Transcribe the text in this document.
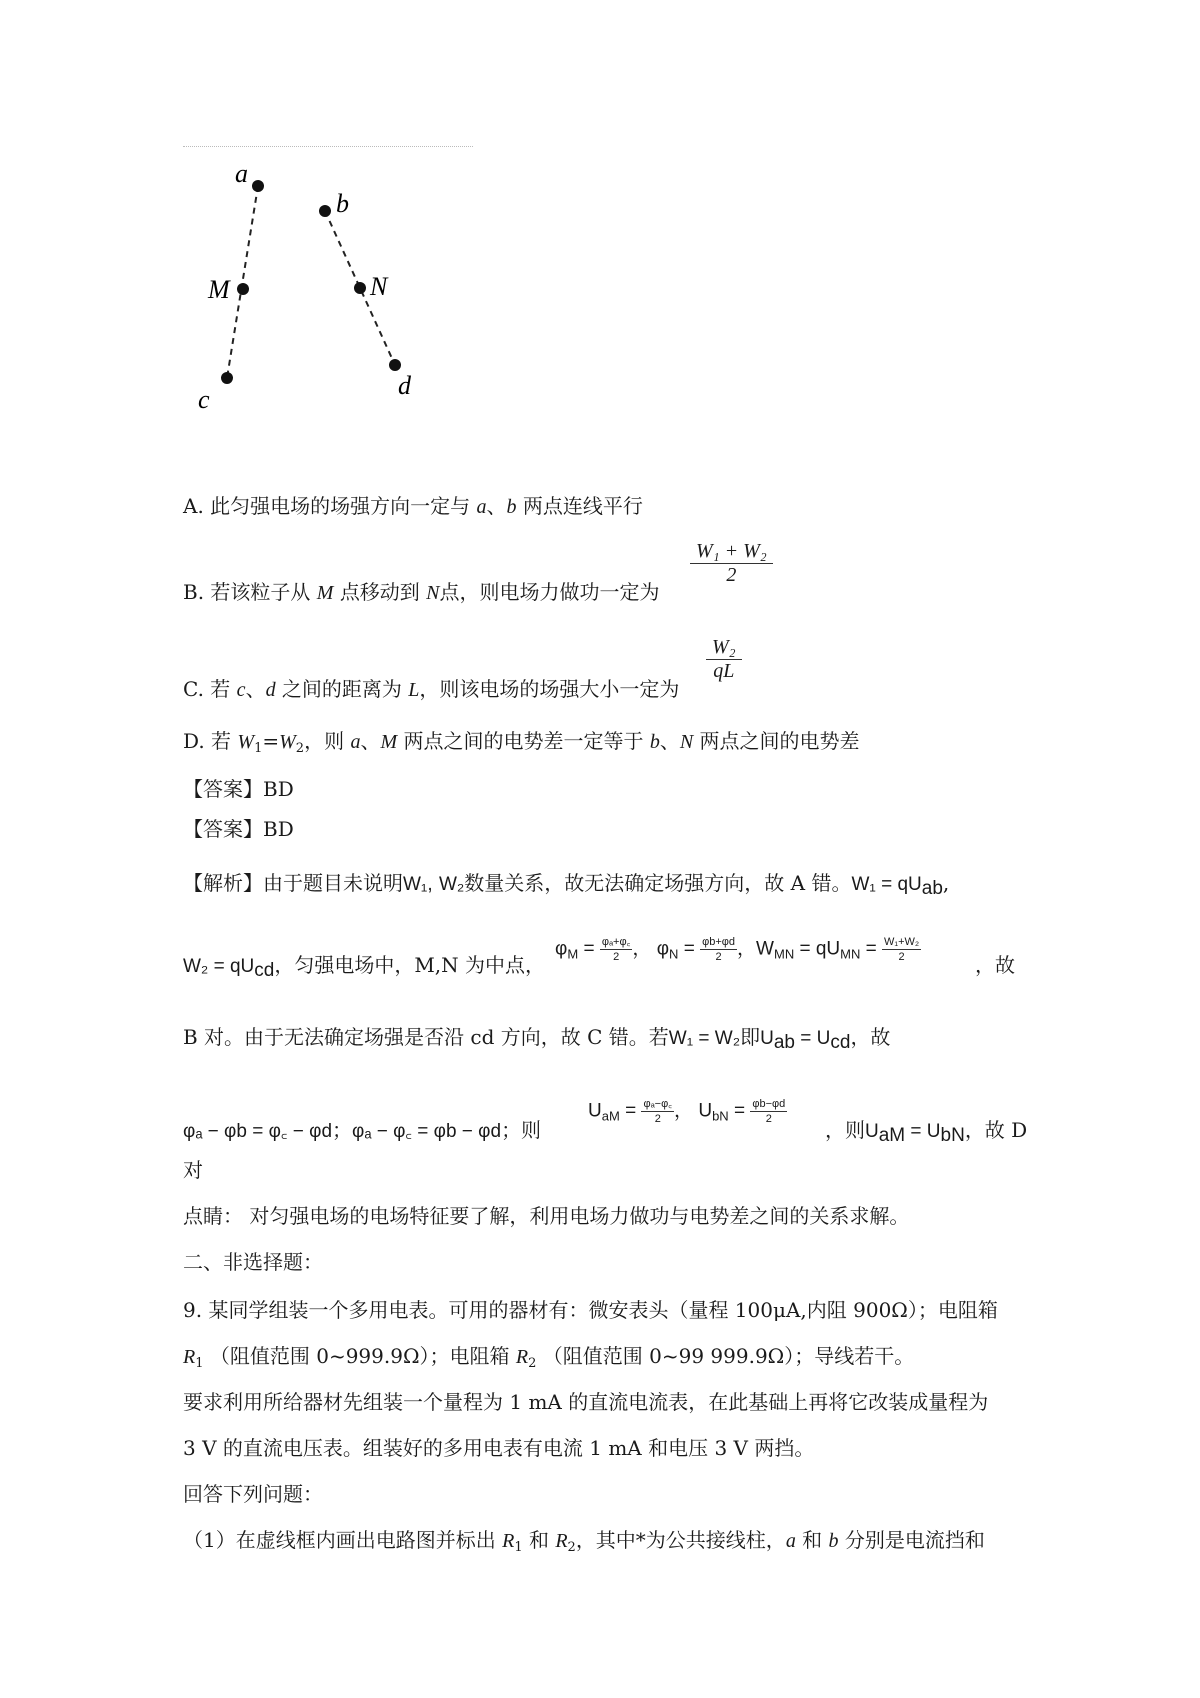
a
M
c
b
N
d
A. 此匀强电场的场强方向一定与 a、b 两点连线平行
B. 若该粒子从 M 点移动到 N点，则电场力做功一定为
$\frac{\text{W₁ + W₂}}{2}$
C. 若 c、d 之间的距离为 L，则该电场的场强大小一定为
$\frac{\text{W₂}}{qL}$
D. 若 $W_1=W_2$，则 a、M 两点之间的电势差一定等于 b、N 两点之间的电势差
【答案】BD
【答案】BD
【解析】由于题目未说明W₁, W₂数量关系，故无法确定场强方向，故 A 错。W₁ = qUab,
W₂ = qUcd，匀强电场中，M,N 为中点，
$\varphi_M = \frac{\text{φₐ+φ꜀}}{2}$ ， $\varphi_N = \frac{\varphi b+\varphi d}{2}$ ，$W_{MN} = qU_{MN} = \frac{\text{W₁+W₂}}{2}$
，故
B 对。由于无法确定场强是否沿 cd 方向，故 C 错。若W₁ = W₂即Uab = Ucd，故
φₐ − φb = φ꜀ − φd；φₐ − φ꜀ = φb − φd；则
$U_{aM} = \frac{\text{φₐ−φ꜀}}{2}$ ， $U_{bN} = \frac{\varphi b-\varphi d}{2}$
，则UaM = UbN，故 D
对
点睛： 对匀强电场的电场特征要了解，利用电场力做功与电势差之间的关系求解。
二、非选择题：
9. 某同学组装一个多用电表。可用的器材有：微安表头（量程 100μA,内阻 900Ω）；电阻箱
$R_1$ （阻值范围 0~999.9Ω）；电阻箱 $R_2$ （阻值范围 0~99 999.9Ω）；导线若干。
要求利用所给器材先组装一个量程为 1 mA 的直流电流表，在此基础上再将它改装成量程为
3 V 的直流电压表。组装好的多用电表有电流 1 mA 和电压 3 V 两挡。
回答下列问题：
（1）在虚线框内画出电路图并标出 $R_1$ 和 $R_2$，其中*为公共接线柱，a 和 b 分别是电流挡和
